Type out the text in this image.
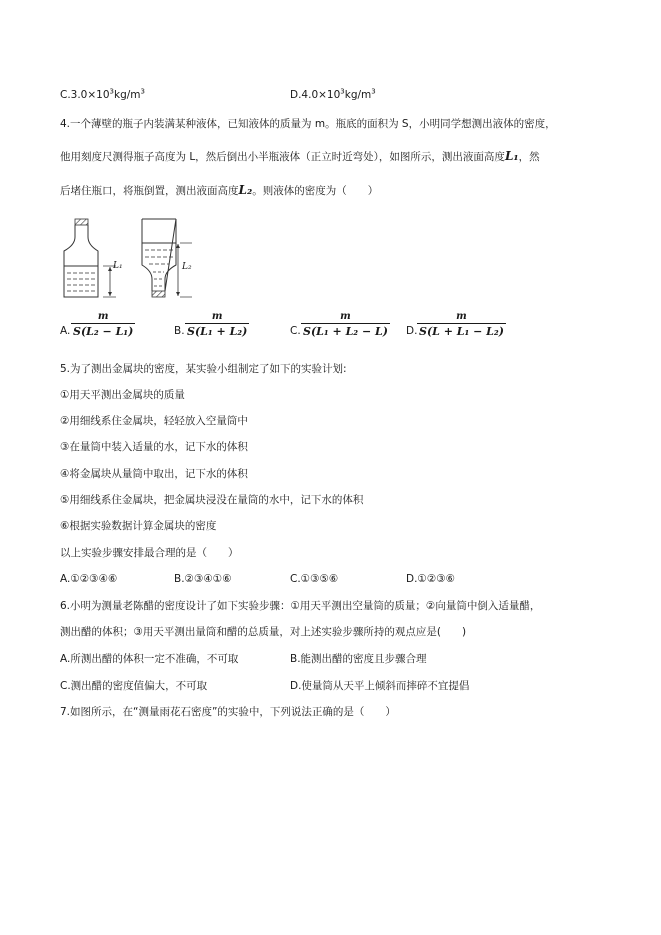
$C.3.0\times 10^3kg/m^3$	$D.4.0\times 10^3kg/m^3$
4.一个薄壁的瓶子内装满某种液体，已知液体的质量为 m。瓶底的面积为 S，小明同学想测出液体的密度，
他用刻度尺测得瓶子高度为 L，然后倒出小半瓶液体（正立时近弯处），如图所示，测出液面高度L₁，然
后堵住瓶口，将瓶倒置，测出液面高度L₂。则液体的密度为（　　）
L₁	L₂
A.
m
S(L₂ − L₁)	B.
m
S(L₁ + L₂)	C.
m
S(L₁ + L₂ − L) D.
m
S(L + L₁ − L₂)
5.为了测出金属块的密度，某实验小组制定了如下的实验计划:
①用天平测出金属块的质量
②用细线系住金属块，轻轻放入空量筒中
③在量筒中装入适量的水，记下水的体积
④将金属块从量筒中取出，记下水的体积
⑤用细线系住金属块，把金属块浸没在量筒的水中，记下水的体积
⑥根据实验数据计算金属块的密度
以上实验步骤安排最合理的是（　　）
A.①②③④⑥	B.②③④①⑥	C.①③⑤⑥	D.①②③⑥
6.小明为测量老陈醋的密度设计了如下实验步骤：①用天平测出空量筒的质量；②向量筒中倒入适量醋，
测出醋的体积；③用天平测出量筒和醋的总质量，对上述实验步骤所持的观点应是(　　)
A.所测出醋的体积一定不准确，不可取	B.能测出醋的密度且步骤合理
C.测出醋的密度值偏大，不可取	D.使量筒从天平上倾斜而摔碎不宜提倡
7.如图所示，在“测量雨花石密度”的实验中，下列说法正确的是（　　）
